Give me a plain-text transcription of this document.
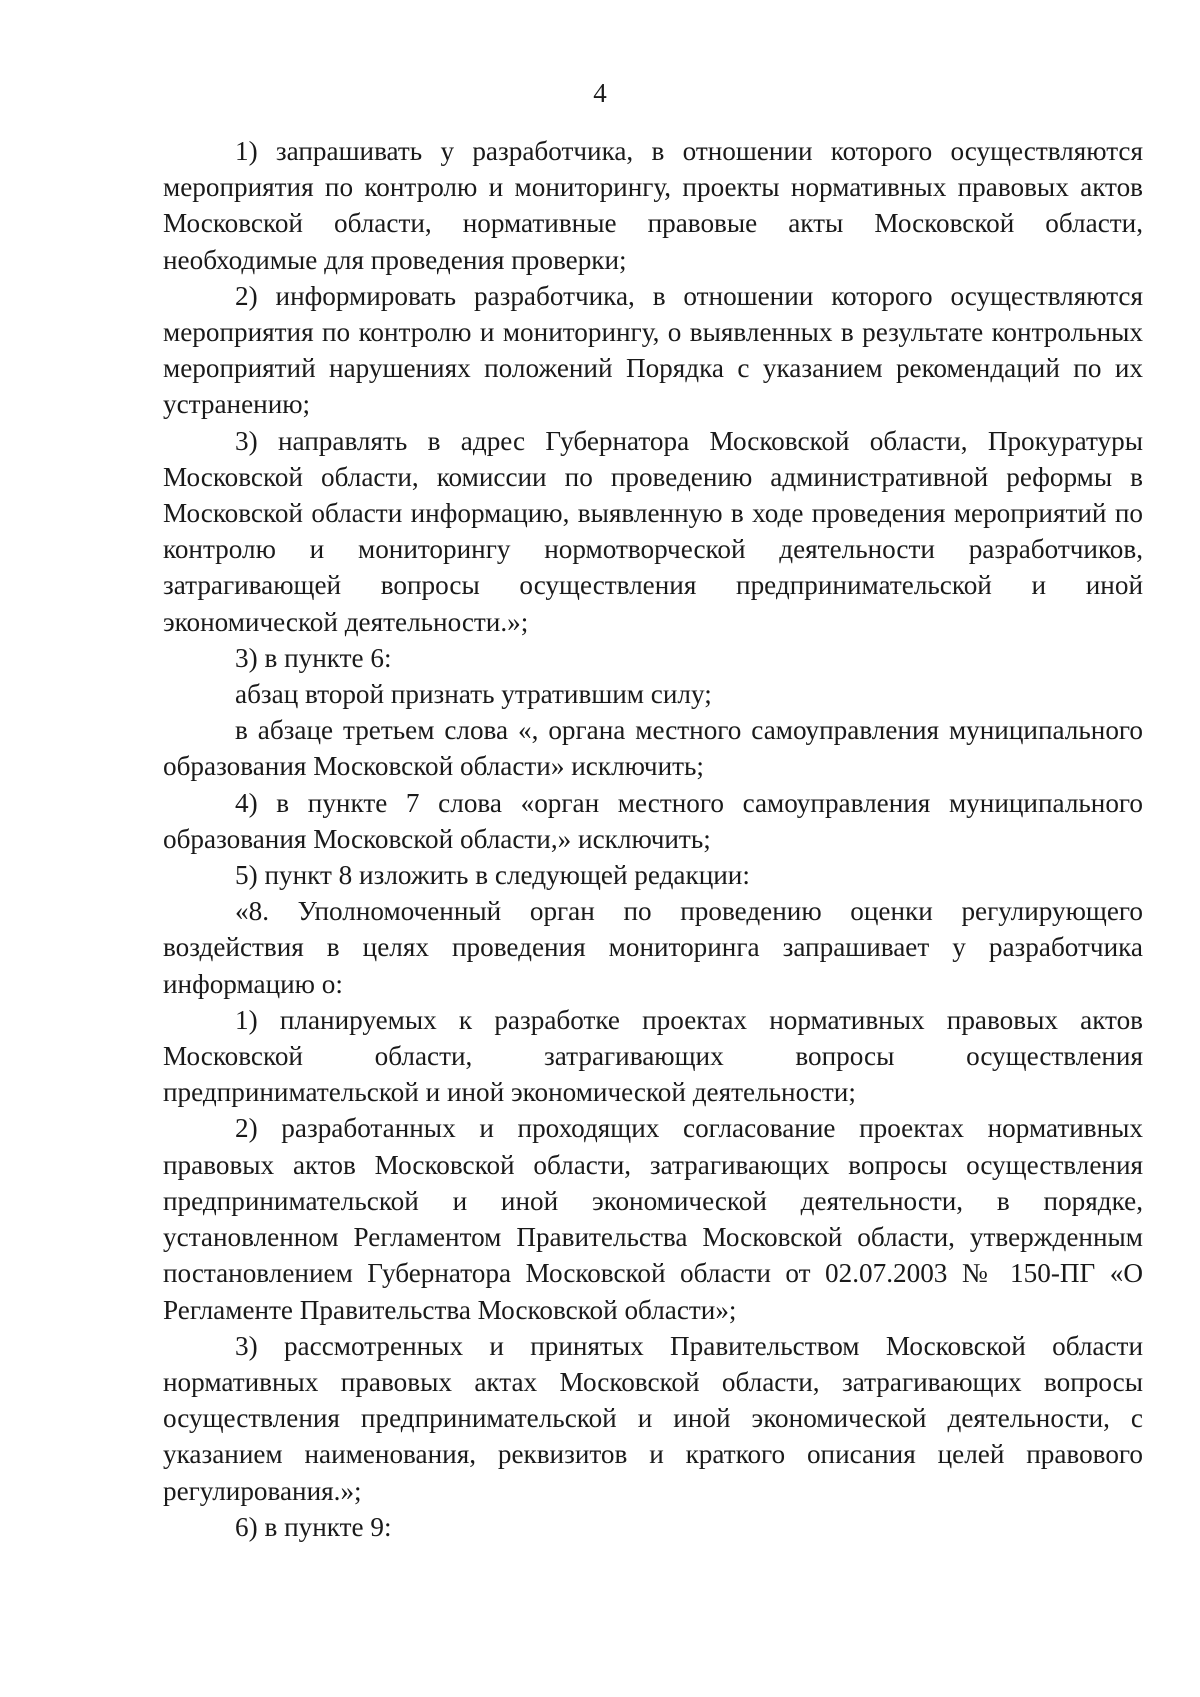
4

1) запрашивать у разработчика, в отношении которого осуществляются мероприятия по контролю и мониторингу, проекты нормативных правовых актов Московской области, нормативные правовые акты Московской области, необходимые для проведения проверки;

2) информировать разработчика, в отношении которого осуществляются мероприятия по контролю и мониторингу, о выявленных в результате контрольных мероприятий нарушениях положений Порядка с указанием рекомендаций по их устранению;

3) направлять в адрес Губернатора Московской области, Прокуратуры Московской области, комиссии по проведению административной реформы в Московской области информацию, выявленную в ходе проведения мероприятий по контролю и мониторингу нормотворческой деятельности разработчиков, затрагивающей вопросы осуществления предпринимательской и иной экономической деятельности.»;

3) в пункте 6:

абзац второй признать утратившим силу;

в абзаце третьем слова «, органа местного самоуправления муниципального образования Московской области» исключить;

4) в пункте 7 слова «орган местного самоуправления муниципального образования Московской области,» исключить;

5) пункт 8 изложить в следующей редакции:

«8. Уполномоченный орган по проведению оценки регулирующего воздействия в целях проведения мониторинга запрашивает у разработчика информацию о:

1) планируемых к разработке проектах нормативных правовых актов Московской области, затрагивающих вопросы осуществления предпринимательской и иной экономической деятельности;

2) разработанных и проходящих согласование проектах нормативных правовых актов Московской области, затрагивающих вопросы осуществления предпринимательской и иной экономической деятельности, в порядке, установленном Регламентом Правительства Московской области, утвержденным постановлением Губернатора Московской области от 02.07.2003 № 150-ПГ «О Регламенте Правительства Московской области»;

3) рассмотренных и принятых Правительством Московской области нормативных правовых актах Московской области, затрагивающих вопросы осуществления предпринимательской и иной экономической деятельности, с указанием наименования, реквизитов и краткого описания целей правового регулирования.»;

6) в пункте 9:
